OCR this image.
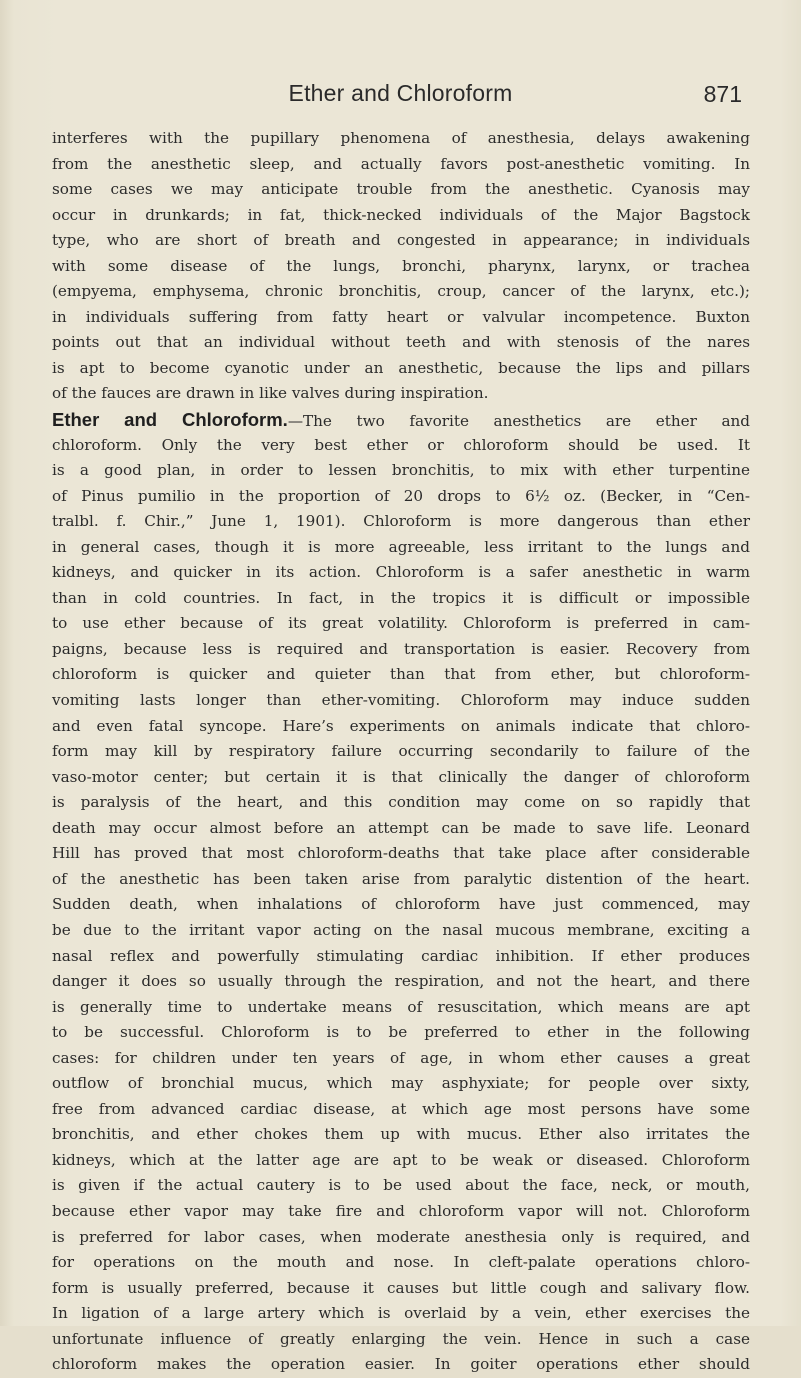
Ether and Chloroform	871
interferes with the pupillary phenomena of anesthesia, delays awakening
from the anesthetic sleep, and actually favors post-anesthetic vomiting. In
some cases we may anticipate trouble from the anesthetic. Cyanosis may
occur in drunkards; in fat, thick-necked individuals of the Major Bagstock
type, who are short of breath and congested in appearance; in individuals
with some disease of the lungs, bronchi, pharynx, larynx, or trachea
(empyema, emphysema, chronic bronchitis, croup, cancer of the larynx, etc.);
in individuals suffering from fatty heart or valvular incompetence. Buxton
points out that an individual without teeth and with stenosis of the nares
is apt to become cyanotic under an anesthetic, because the lips and pillars
of the fauces are drawn in like valves during inspiration.
Ether and Chloroform.—The two favorite anesthetics are ether and
chloroform. Only the very best ether or chloroform should be used. It
is a good plan, in order to lessen bronchitis, to mix with ether turpentine
of Pinus pumilio in the proportion of 20 drops to 6½ oz. (Becker, in “Cen-
tralbl. f. Chir.,” June 1, 1901). Chloroform is more dangerous than ether
in general cases, though it is more agreeable, less irritant to the lungs and
kidneys, and quicker in its action. Chloroform is a safer anesthetic in warm
than in cold countries. In fact, in the tropics it is difficult or impossible
to use ether because of its great volatility. Chloroform is preferred in cam-
paigns, because less is required and transportation is easier. Recovery from
chloroform is quicker and quieter than that from ether, but chloroform-
vomiting lasts longer than ether-vomiting. Chloroform may induce sudden
and even fatal syncope. Hare’s experiments on animals indicate that chloro-
form may kill by respiratory failure occurring secondarily to failure of the
vaso-motor center; but certain it is that clinically the danger of chloroform
is paralysis of the heart, and this condition may come on so rapidly that
death may occur almost before an attempt can be made to save life. Leonard
Hill has proved that most chloroform-deaths that take place after considerable
of the anesthetic has been taken arise from paralytic distention of the heart.
Sudden death, when inhalations of chloroform have just commenced, may
be due to the irritant vapor acting on the nasal mucous membrane, exciting a
nasal reflex and powerfully stimulating cardiac inhibition. If ether produces
danger it does so usually through the respiration, and not the heart, and there
is generally time to undertake means of resuscitation, which means are apt
to be successful. Chloroform is to be preferred to ether in the following
cases: for children under ten years of age, in whom ether causes a great
outflow of bronchial mucus, which may asphyxiate; for people over sixty,
free from advanced cardiac disease, at which age most persons have some
bronchitis, and ether chokes them up with mucus. Ether also irritates the
kidneys, which at the latter age are apt to be weak or diseased. Chloroform
is given if the actual cautery is to be used about the face, neck, or mouth,
because ether vapor may take fire and chloroform vapor will not. Chloroform
is preferred for labor cases, when moderate anesthesia only is required, and
for operations on the mouth and nose. In cleft-palate operations chloro-
form is usually preferred, because it causes but little cough and salivary flow.
In ligation of a large artery which is overlaid by a vein, ether exercises the
unfortunate influence of greatly enlarging the vein. Hence in such a case
chloroform makes the operation easier. In goiter operations ether should
